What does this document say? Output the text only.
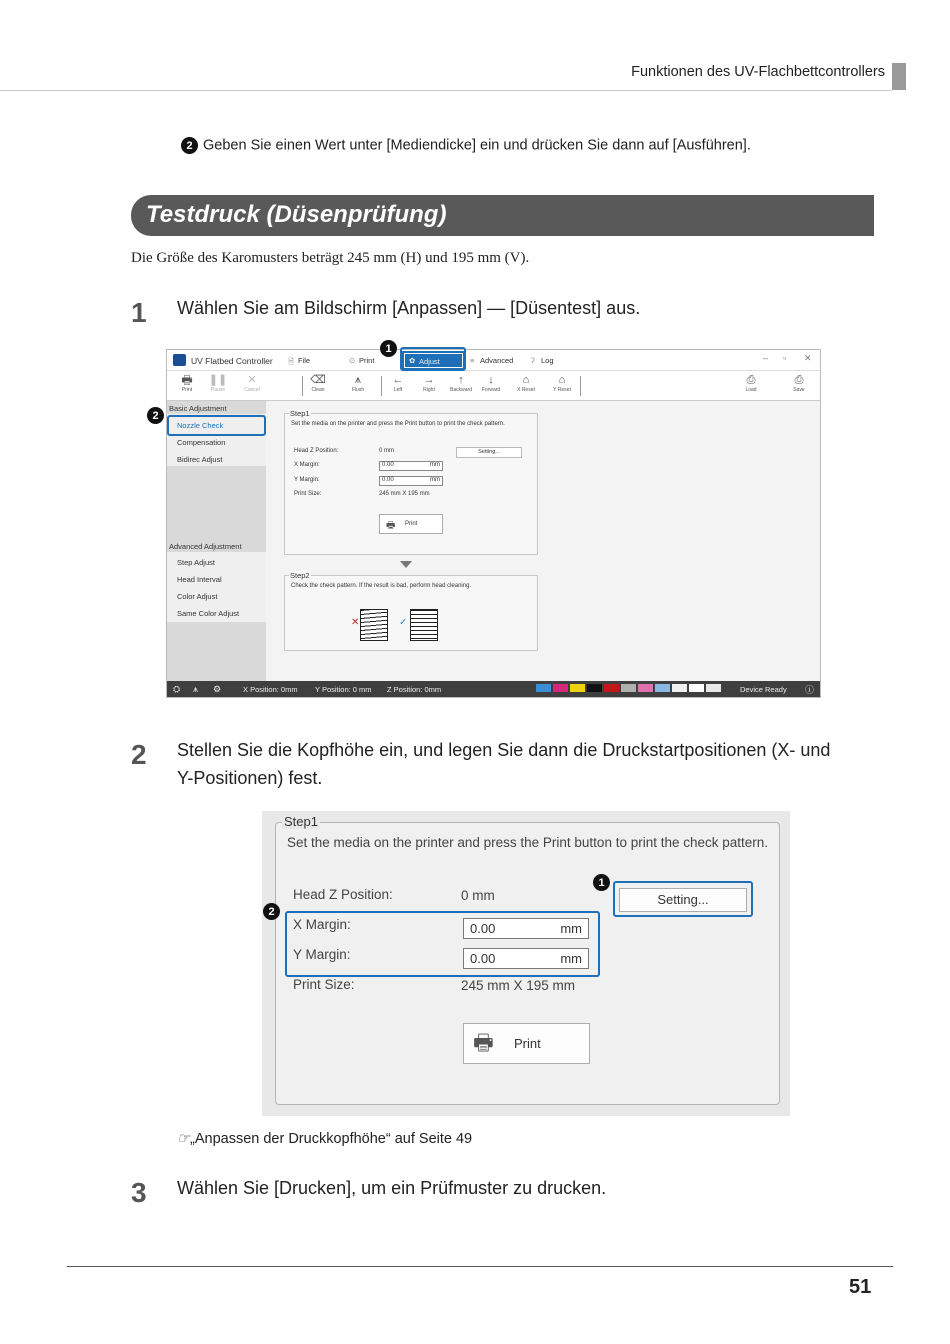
Funktionen des UV-Flachbettcontrollers
2 Geben Sie einen Wert unter [Mediendicke] ein und drücken Sie dann auf [Ausführen].
Testdruck (Düsenprüfung)
Die Größe des Karomusters beträgt 245 mm (H) und 195 mm (V).
1 Wählen Sie am Bildschirm [Anpassen] — [Düsentest] aus.
UV Flatbed Controller 🗎 File	⊙ Print	✿ Adjust	≡ Advanced ʔ Log	– ▫ ✕
🖶
Print
❚❚
Pause
✕
Cancel
⌫
Clean
⩚
Flush
←
Left
→
Right
↑
Backward
↓
Forward
⌂
X Reset
⌂
Y Reset
⎙
Load
⎙
Save
Basic Adjustment
Nozzle Check
Compensation
Bidirec Adjust
Advanced Adjustment
Step Adjust
Head Interval
Color Adjust
Same Color Adjust
Step1
Set the media on the printer and press the Print button to print the check pattern.
Head Z Position:	0 mm	Setting...
X Margin:	0.00	mm
Y Margin:	0.00	mm
Print Size:	245 mm X 195 mm
🖶 Print
Step2
Check the check pattern. If the result is bad, perform head cleaning.
✕	✓
⛭ ⩚ ⚙	X Position: 0mm Y Position: 0 mm Z Position: 0mm	🖵	Device Ready ⓘ
1
2
2 Stellen Sie die Kopfhöhe ein, und legen Sie dann die Druckstartpositionen (X- und Y-Positionen) fest.
Step1
Set the media on the printer and press the Print button to print the check pattern.
Head Z Position:	0 mm	Setting...
X Margin:	0.00	mm
Y Margin:	0.00	mm
Print Size:	245 mm X 195 mm
🖶 Print
1
2
☞„Anpassen der Druckkopfhöhe“ auf Seite 49
3 Wählen Sie [Drucken], um ein Prüfmuster zu drucken.
51
